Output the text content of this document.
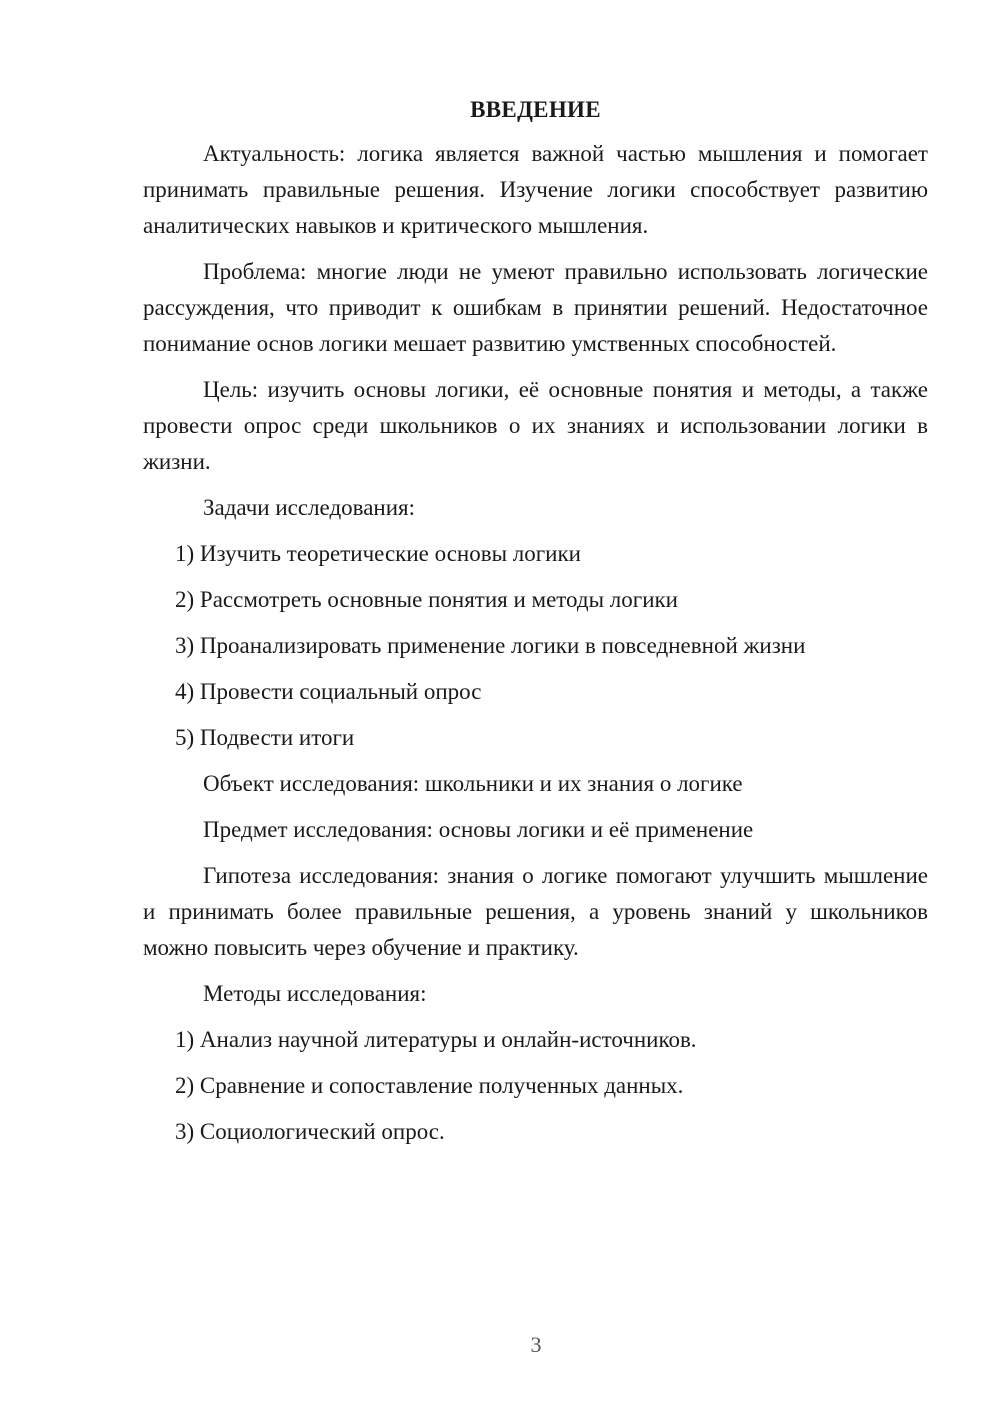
ВВЕДЕНИЕ

Актуальность: логика является важной частью мышления и помогает принимать правильные решения. Изучение логики способствует развитию аналитических навыков и критического мышления.

Проблема: многие люди не умеют правильно использовать логические рассуждения, что приводит к ошибкам в принятии решений. Недостаточное понимание основ логики мешает развитию умственных способностей.

Цель: изучить основы логики, её основные понятия и методы, а также провести опрос среди школьников о их знаниях и использовании логики в жизни.

Задачи исследования:
1) Изучить теоретические основы логики
2) Рассмотреть основные понятия и методы логики
3) Проанализировать применение логики в повседневной жизни
4) Провести социальный опрос
5) Подвести итоги
Объект исследования: школьники и их знания о логике
Предмет исследования: основы логики и её применение

Гипотеза исследования: знания о логике помогают улучшить мышление и принимать более правильные решения, а уровень знаний у школьников можно повысить через обучение и практику.

Методы исследования:
1) Анализ научной литературы и онлайн-источников.
2) Сравнение и сопоставление полученных данных.
3) Социологический опрос.
3
